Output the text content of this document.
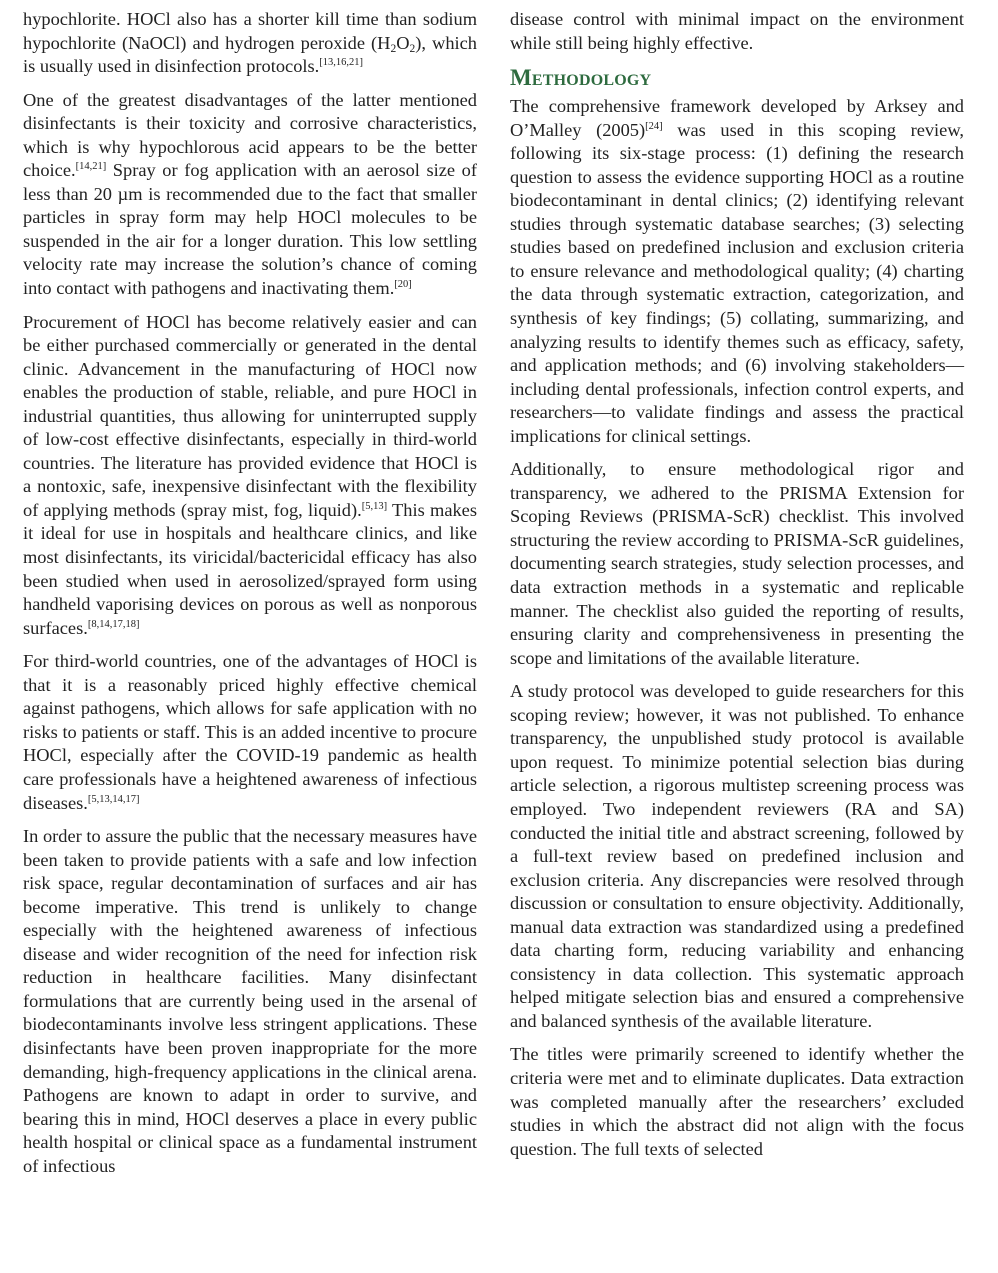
hypochlorite. HOCl also has a shorter kill time than sodium hypochlorite (NaOCl) and hydrogen peroxide $(H_2O_2)$, which is usually used in disinfection protocols.[13,16,21]

One of the greatest disadvantages of the latter mentioned disinfectants is their toxicity and corrosive characteristics, which is why hypochlorous acid appears to be the better choice.[14,21] Spray or fog application with an aerosol size of less than 20 µm is recommended due to the fact that smaller particles in spray form may help HOCl molecules to be suspended in the air for a longer duration. This low settling velocity rate may increase the solution’s chance of coming into contact with pathogens and inactivating them.[20]

Procurement of HOCl has become relatively easier and can be either purchased commercially or generated in the dental clinic. Advancement in the manufacturing of HOCl now enables the production of stable, reliable, and pure HOCl in industrial quantities, thus allowing for uninterrupted supply of low-cost effective disinfectants, especially in third-world countries. The literature has provided evidence that HOCl is a nontoxic, safe, inexpensive disinfectant with the flexibility of applying methods (spray mist, fog, liquid).[5,13] This makes it ideal for use in hospitals and healthcare clinics, and like most disinfectants, its viricidal/bactericidal efficacy has also been studied when used in aerosolized/sprayed form using handheld vaporising devices on porous as well as nonporous surfaces.[8,14,17,18]

For third-world countries, one of the advantages of HOCl is that it is a reasonably priced highly effective chemical against pathogens, which allows for safe application with no risks to patients or staff. This is an added incentive to procure HOCl, especially after the COVID-19 pandemic as health care professionals have a heightened awareness of infectious diseases.[5,13,14,17]

In order to assure the public that the necessary measures have been taken to provide patients with a safe and low infection risk space, regular decontamination of surfaces and air has become imperative. This trend is unlikely to change especially with the heightened awareness of infectious disease and wider recognition of the need for infection risk reduction in healthcare facilities. Many disinfectant formulations that are currently being used in the arsenal of biodecontaminants involve less stringent applications. These disinfectants have been proven inappropriate for the more demanding, high-frequency applications in the clinical arena. Pathogens are known to adapt in order to survive, and bearing this in mind, HOCl deserves a place in every public health hospital or clinical space as a fundamental instrument of infectious

disease control with minimal impact on the environment while still being highly effective.

Methodology

The comprehensive framework developed by Arksey and O’Malley (2005)[24] was used in this scoping review, following its six-stage process: (1) defining the research question to assess the evidence supporting HOCl as a routine biodecontaminant in dental clinics; (2) identifying relevant studies through systematic database searches; (3) selecting studies based on predefined inclusion and exclusion criteria to ensure relevance and methodological quality; (4) charting the data through systematic extraction, categorization, and synthesis of key findings; (5) collating, summarizing, and analyzing results to identify themes such as efficacy, safety, and application methods; and (6) involving stakeholders—including dental professionals, infection control experts, and researchers—to validate findings and assess the practical implications for clinical settings.

Additionally, to ensure methodological rigor and transparency, we adhered to the PRISMA Extension for Scoping Reviews (PRISMA-ScR) checklist. This involved structuring the review according to PRISMA-ScR guidelines, documenting search strategies, study selection processes, and data extraction methods in a systematic and replicable manner. The checklist also guided the reporting of results, ensuring clarity and comprehensiveness in presenting the scope and limitations of the available literature.

A study protocol was developed to guide researchers for this scoping review; however, it was not published. To enhance transparency, the unpublished study protocol is available upon request. To minimize potential selection bias during article selection, a rigorous multistep screening process was employed. Two independent reviewers (RA and SA) conducted the initial title and abstract screening, followed by a full-text review based on predefined inclusion and exclusion criteria. Any discrepancies were resolved through discussion or consultation to ensure objectivity. Additionally, manual data extraction was standardized using a predefined data charting form, reducing variability and enhancing consistency in data collection. This systematic approach helped mitigate selection bias and ensured a comprehensive and balanced synthesis of the available literature.

The titles were primarily screened to identify whether the criteria were met and to eliminate duplicates. Data extraction was completed manually after the researchers’ excluded studies in which the abstract did not align with the focus question. The full texts of selected
